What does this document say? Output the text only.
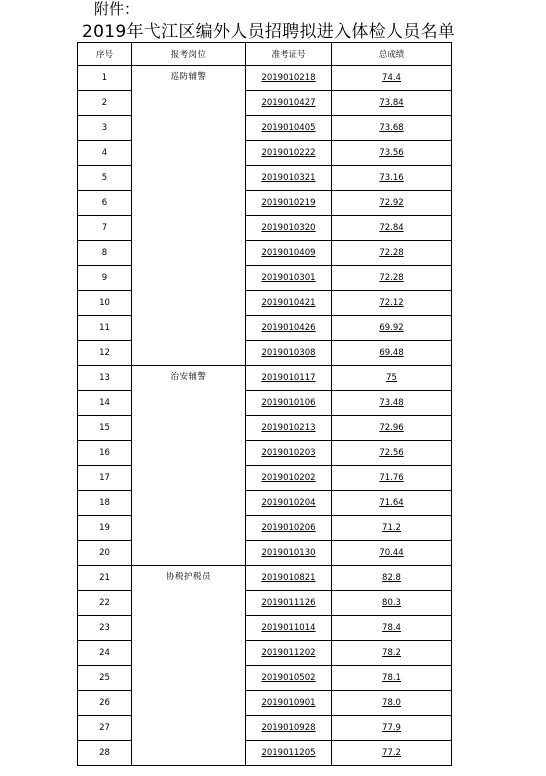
附件：
2019年弋江区编外人员招聘拟进入体检人员名单
序号	报考岗位	准考证号	总成绩
1	巡防辅警	2019010218	74.4
2		2019010427	73.84
3		2019010405	73.68
4		2019010222	73.56
5		2019010321	73.16
6		2019010219	72.92
7		2019010320	72.84
8		2019010409	72.28
9		2019010301	72.28
10		2019010421	72.12
11		2019010426	69.92
12		2019010308	69.48
13	治安辅警	2019010117	75
14		2019010106	73.48
15		2019010213	72.96
16		2019010203	72.56
17		2019010202	71.76
18		2019010204	71.64
19		2019010206	71.2
20		2019010130	70.44
21	协税护税员	2019010821	82.8
22		2019011126	80.3
23		2019011014	78.4
24		2019011202	78.2
25		2019010502	78.1
26		2019010901	78.0
27		2019010928	77.9
28		2019011205	77.2
